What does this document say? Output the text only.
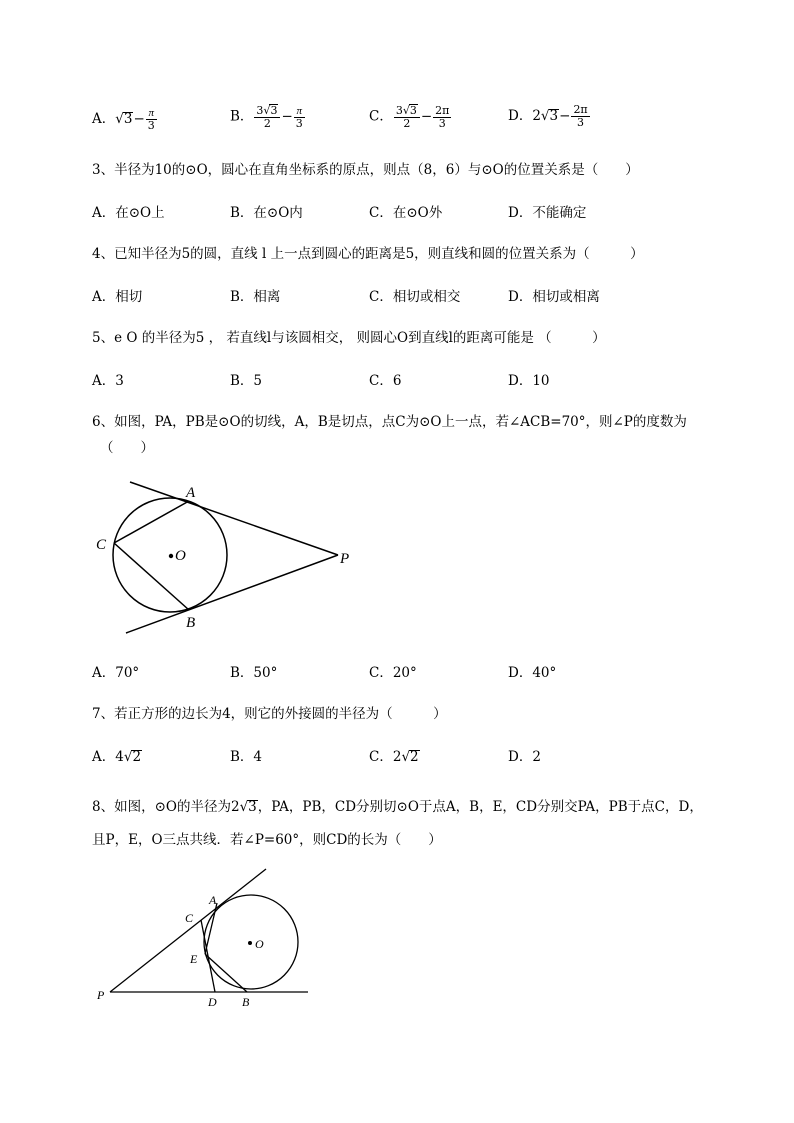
A．$√3- \frac{\pi}{3}$	B． $\frac{3√3}{2} - \frac{\pi}{3}$	C． $\frac{3√3}{2} - \frac{2\pi}{3}$	D．$2√3- \frac{2\pi}{3}$
3、半径为10的⊙O，圆心在直角坐标系的原点，则点（8，6）与⊙O的位置关系是（　　）
A．在⊙O上	B．在⊙O内	C．在⊙O外	D．不能确定
4、已知半径为5的圆，直线 l 上一点到圆心的距离是5，则直线和圆的位置关系为（　　　）
A．相切	B．相离	C．相切或相交	D．相切或相离
5、e O 的半径为5 ， 若直线l与该圆相交， 则圆心O到直线l的距离可能是 （　　　）
A．3	B．5	C．6	D．10
6、如图，PA，PB是⊙O的切线，A，B是切点，点C为⊙O上一点，若∠ACB=70°，则∠P的度数为
（　　）
A
C
O	P
B
A．70°	B．50°	C．20°	D．40°
7、若正方形的边长为4，则它的外接圆的半径为（　　　）
A．4√2	B．4	C．2√2	D．2
8、如图，⊙O的半径为2√3，PA，PB，CD分别切⊙O于点A，B，E，CD分别交PA，PB于点C，D，
且P，E，O三点共线．若∠P=60°，则CD的长为（　　）
A
C
O
E
P	D B
